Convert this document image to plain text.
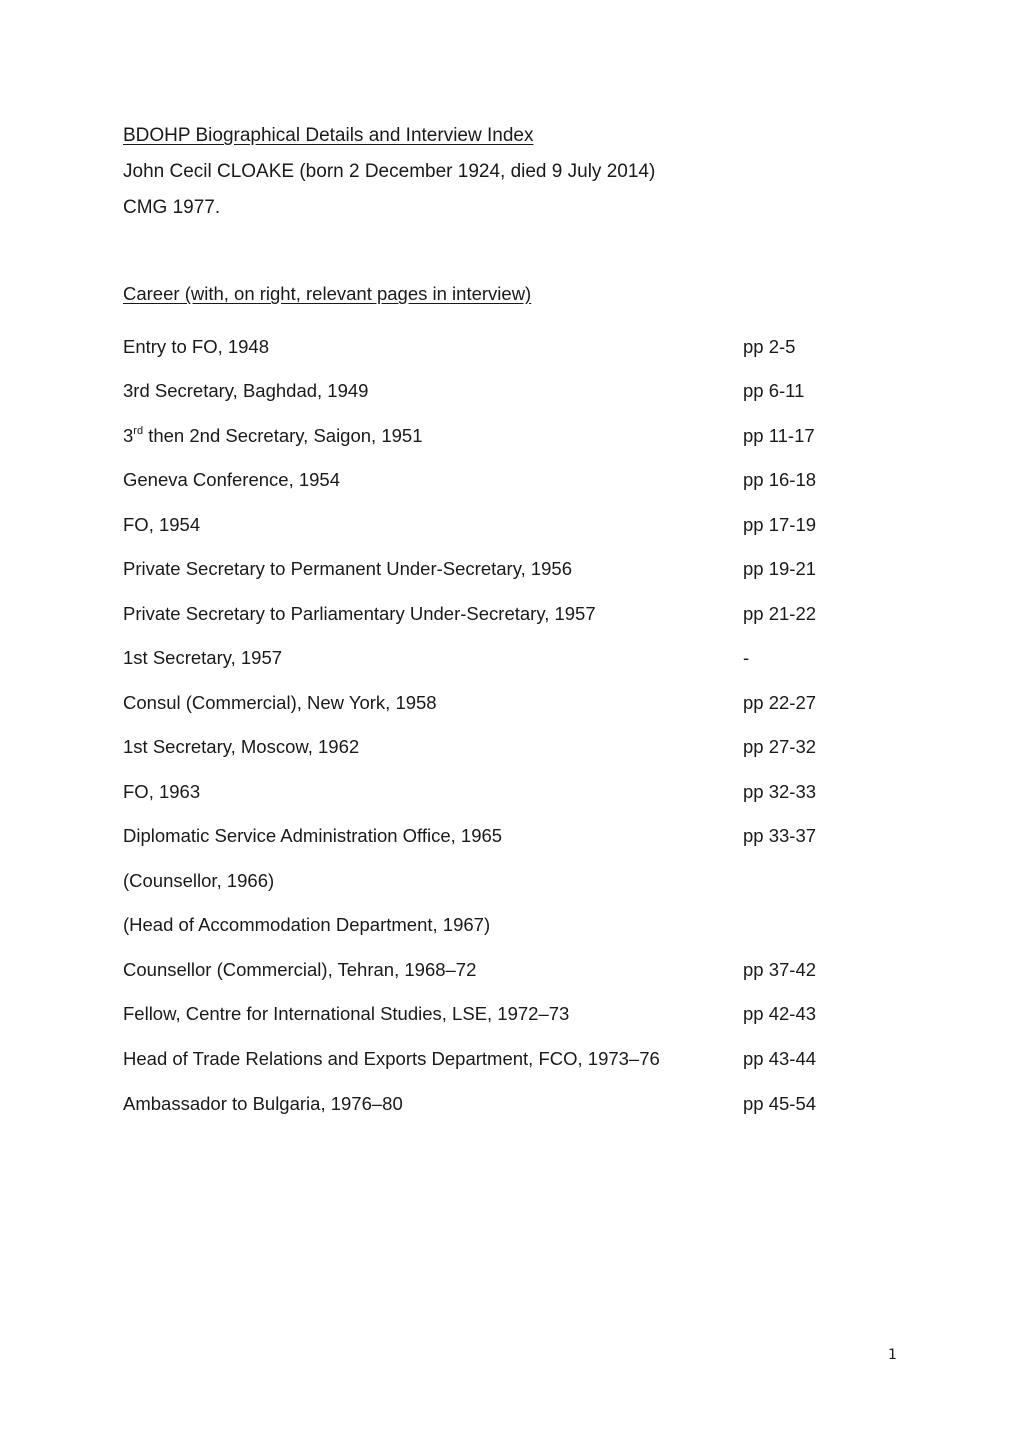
BDOHP Biographical Details and Interview Index
John Cecil CLOAKE (born 2 December 1924, died 9 July 2014)
CMG 1977.
Career (with, on right, relevant pages in interview)
Entry to FO, 1948	pp 2-5
3rd Secretary, Baghdad, 1949	pp 6-11
3rd then 2nd Secretary, Saigon, 1951	pp 11-17
Geneva Conference, 1954	pp 16-18
FO, 1954	pp 17-19
Private Secretary to Permanent Under-Secretary, 1956	pp 19-21
Private Secretary to Parliamentary Under-Secretary, 1957	pp 21-22
1st Secretary, 1957	-
Consul (Commercial), New York, 1958	pp 22-27
1st Secretary, Moscow, 1962	pp 27-32
FO, 1963	pp 32-33
Diplomatic Service Administration Office, 1965	pp 33-37
(Counsellor, 1966)
(Head of Accommodation Department, 1967)
Counsellor (Commercial), Tehran, 1968–72	pp 37-42
Fellow, Centre for International Studies, LSE, 1972–73	pp 42-43
Head of Trade Relations and Exports Department, FCO, 1973–76	pp 43-44
Ambassador to Bulgaria, 1976–80	pp 45-54
1
